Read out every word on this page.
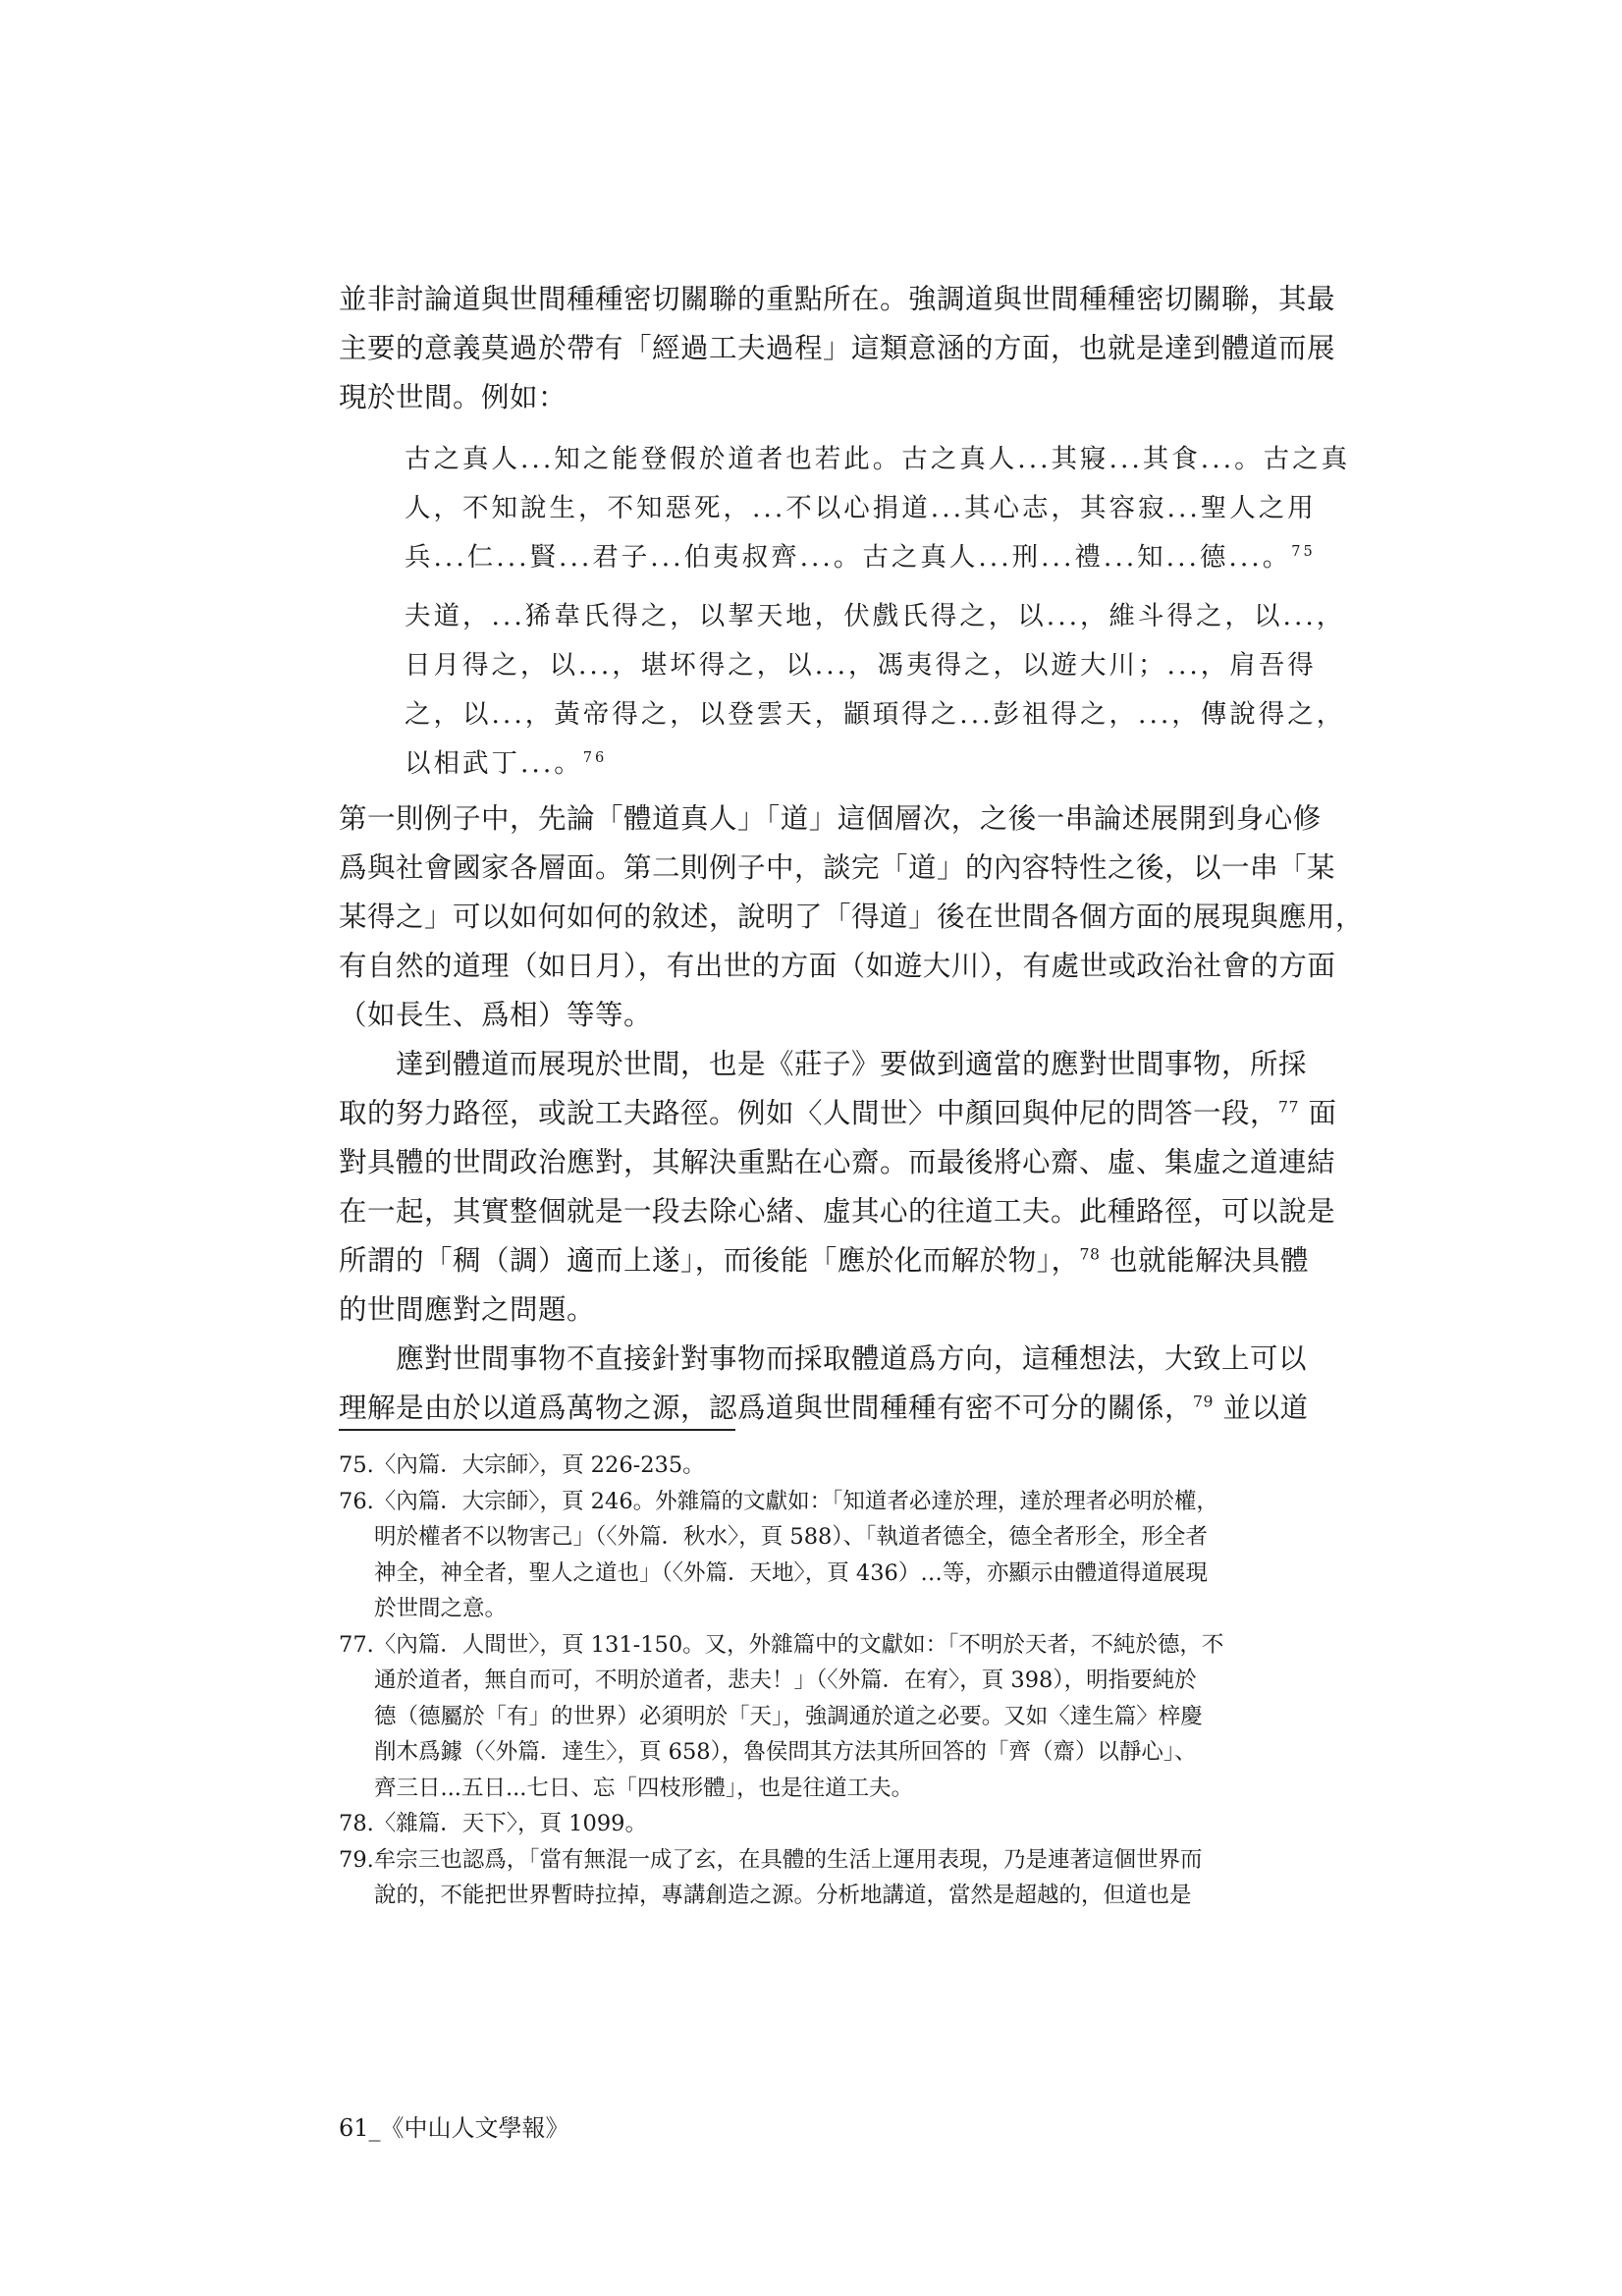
並非討論道與世間種種密切關聯的重點所在。強調道與世間種種密切關聯，其最
主要的意義莫過於帶有「經過工夫過程」這類意涵的方面，也就是達到體道而展
現於世間。例如：
古之真人...知之能登假於道者也若此。古之真人...其寢...其食...。古之真
人，不知說生，不知惡死，...不以心捐道...其心志，其容寂...聖人之用
兵...仁...賢...君子...伯夷叔齊...。古之真人...刑...禮...知...德...。$^{75}$
夫道，...狶韋氏得之，以挈天地，伏戲氏得之，以...，維斗得之，以...，
日月得之，以...，堪坏得之，以...，馮夷得之，以遊大川；...，肩吾得
之，以...，黃帝得之，以登雲天，顓頊得之...彭祖得之，...，傳說得之，
以相武丁...。$^{76}$
第一則例子中，先論「體道真人」「道」這個層次，之後一串論述展開到身心修
爲與社會國家各層面。第二則例子中，談完「道」的內容特性之後，以一串「某
某得之」可以如何如何的敘述，說明了「得道」後在世間各個方面的展現與應用，
有自然的道理（如日月），有出世的方面（如遊大川），有處世或政治社會的方面
（如長生、爲相）等等。
　　達到體道而展現於世間，也是《莊子》要做到適當的應對世間事物，所採
取的努力路徑，或說工夫路徑。例如〈人間世〉中顏回與仲尼的問答一段，$^{77}$ 面
對具體的世間政治應對，其解決重點在心齋。而最後將心齋、虛、集虛之道連結
在一起，其實整個就是一段去除心緒、虛其心的往道工夫。此種路徑，可以說是
所謂的「稠（調）適而上遂」，而後能「應於化而解於物」，$^{78}$ 也就能解決具體
的世間應對之問題。
　　應對世間事物不直接針對事物而採取體道爲方向，這種想法，大致上可以
理解是由於以道爲萬物之源，認爲道與世間種種有密不可分的關係，$^{79}$ 並以道
75.〈內篇．大宗師〉，頁 226-235。
76.〈內篇．大宗師〉，頁 246。外雜篇的文獻如：「知道者必達於理，達於理者必明於權，
明於權者不以物害己」（〈外篇．秋水〉，頁 588）、「執道者德全，德全者形全，形全者
神全，神全者，聖人之道也」（〈外篇．天地〉，頁 436）…等，亦顯示由體道得道展現
於世間之意。
77.〈內篇．人間世〉，頁 131-150。又，外雜篇中的文獻如：「不明於天者，不純於德，不
通於道者，無自而可，不明於道者，悲夫！」（〈外篇．在宥〉，頁 398），明指要純於
德（德屬於「有」的世界）必須明於「天」，強調通於道之必要。又如〈達生篇〉梓慶
削木爲鐻（〈外篇．達生〉，頁 658），魯侯問其方法其所回答的「齊（齋）以靜心」、
齊三日...五日...七日、忘「四枝形體」，也是往道工夫。
78.〈雜篇．天下〉，頁 1099。
79.牟宗三也認爲，「當有無混一成了玄，在具體的生活上運用表現，乃是連著這個世界而
說的，不能把世界暫時拉掉，專講創造之源。分析地講道，當然是超越的，但道也是
61_《中山人文學報》
